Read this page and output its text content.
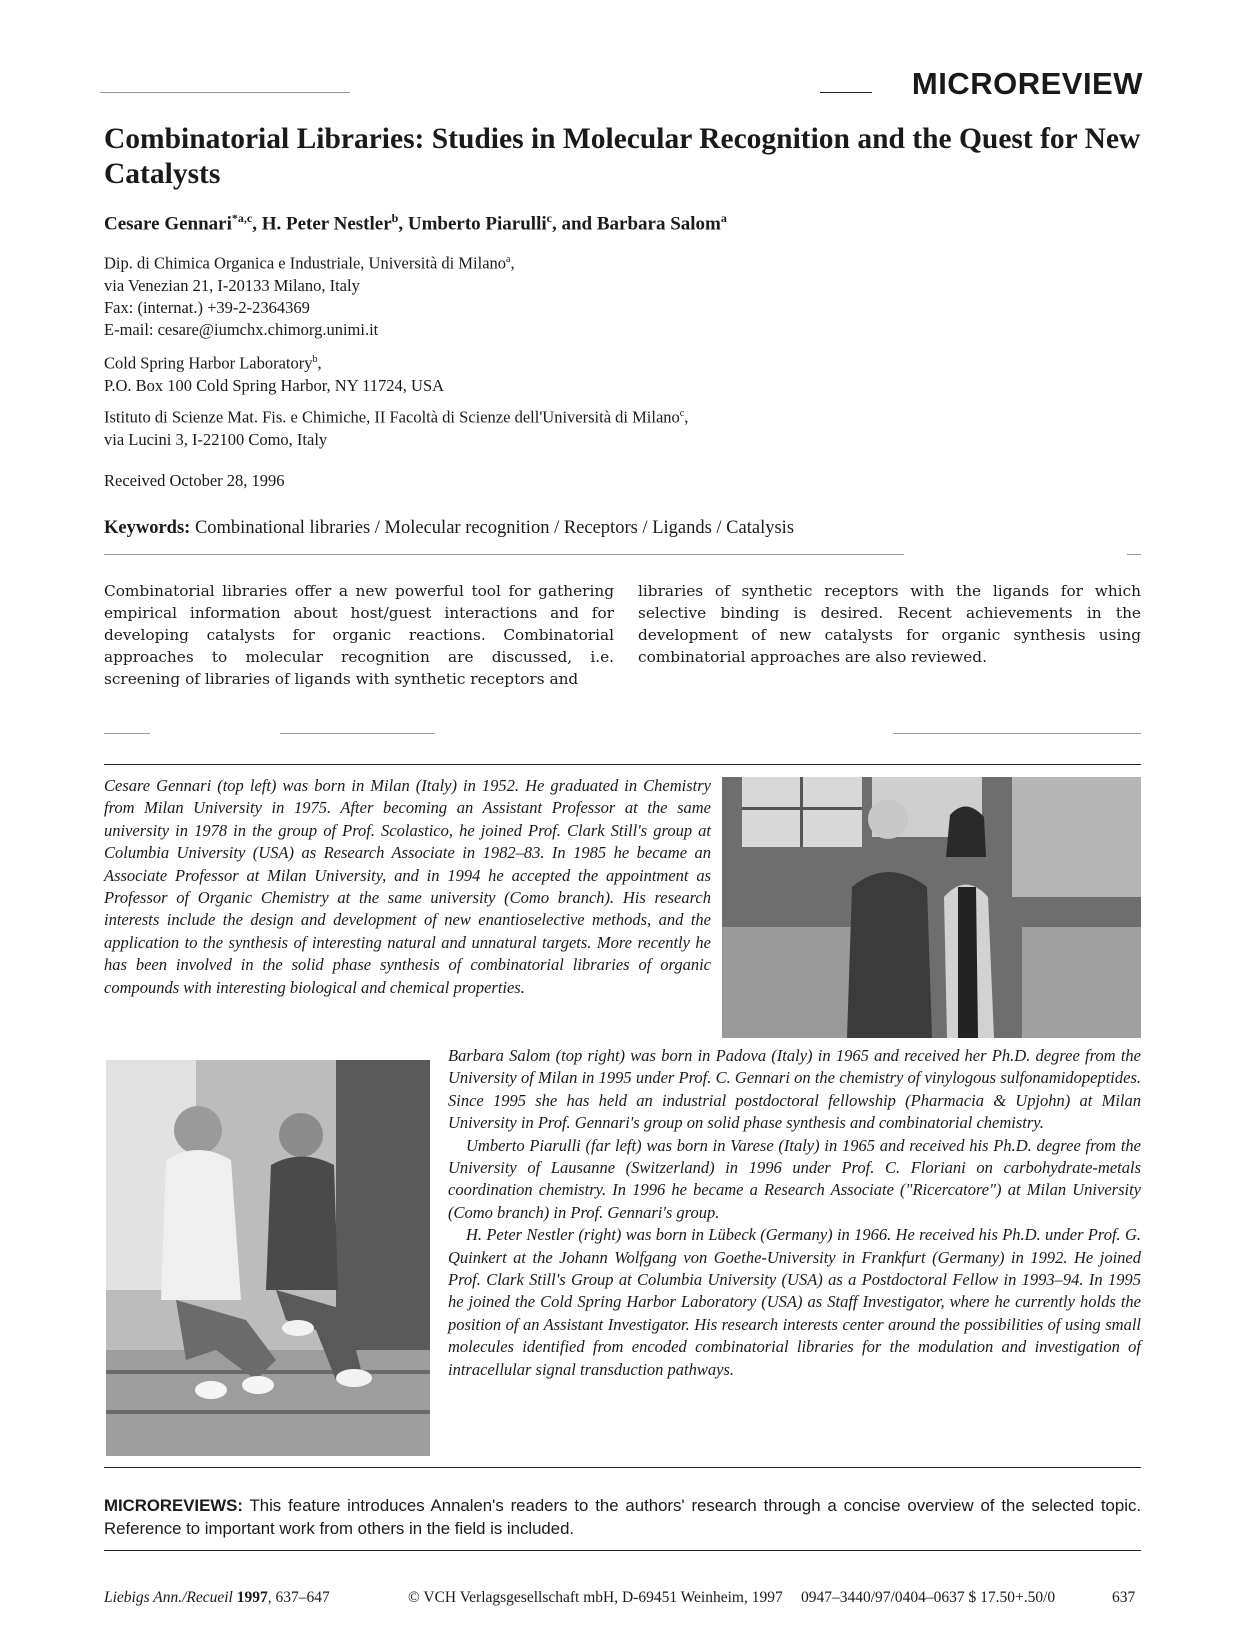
MICROREVIEW
Combinatorial Libraries: Studies in Molecular Recognition and the Quest for New Catalysts
Cesare Gennari$^{*a,c}$, H. Peter Nestler$^b$, Umberto Piarulli$^c$, and Barbara Salom$^a$
Dip. di Chimica Organica e Industriale, Università di Milano$^a$,
via Venezian 21, I-20133 Milano, Italy
Fax: (internat.) +39-2-2364369
E-mail: cesare@iumchx.chimorg.unimi.it
Cold Spring Harbor Laboratory$^b$,
P.O. Box 100 Cold Spring Harbor, NY 11724, USA
Istituto di Scienze Mat. Fis. e Chimiche, II Facoltà di Scienze dell'Università di Milano$^c$,
via Lucini 3, I-22100 Como, Italy
Received October 28, 1996
Keywords: Combinational libraries / Molecular recognition / Receptors / Ligands / Catalysis
Combinatorial libraries offer a new powerful tool for gathering empirical information about host/guest interactions and for developing catalysts for organic reactions. Combinatorial approaches to molecular recognition are discussed, i.e. screening of libraries of ligands with synthetic receptors and
libraries of synthetic receptors with the ligands for which selective binding is desired. Recent achievements in the development of new catalysts for organic synthesis using combinatorial approaches are also reviewed.

Cesare Gennari (top left) was born in Milan (Italy) in 1952. He graduated in Chemistry from Milan University in 1975. After becoming an Assistant Professor at the same university in 1978 in the group of Prof. Scolastico, he joined Prof. Clark Still's group at Columbia University (USA) as Research Associate in 1982–83. In 1985 he became an Associate Professor at Milan University, and in 1994 he accepted the appointment as Professor of Organic Chemistry at the same university (Como branch). His research interests include the design and development of new enantioselective methods, and the application to the synthesis of interesting natural and unnatural targets. More recently he has been involved in the solid phase synthesis of combinatorial libraries of organic compounds with interesting biological and chemical properties.

Barbara Salom (top right) was born in Padova (Italy) in 1965 and received her Ph.D. degree from the University of Milan in 1995 under Prof. C. Gennari on the chemistry of vinylogous sulfonamidopeptides. Since 1995 she has held an industrial postdoctoral fellowship (Pharmacia & Upjohn) at Milan University in Prof. Gennari's group on solid phase synthesis and combinatorial chemistry.

Umberto Piarulli (far left) was born in Varese (Italy) in 1965 and received his Ph.D. degree from the University of Lausanne (Switzerland) in 1996 under Prof. C. Floriani on carbohydrate-metals coordination chemistry. In 1996 he became a Research Associate ("Ricercatore") at Milan University (Como branch) in Prof. Gennari's group.

H. Peter Nestler (right) was born in Lübeck (Germany) in 1966. He received his Ph.D. under Prof. G. Quinkert at the Johann Wolfgang von Goethe-University in Frankfurt (Germany) in 1992. He joined Prof. Clark Still's Group at Columbia University (USA) as a Postdoctoral Fellow in 1993–94. In 1995 he joined the Cold Spring Harbor Laboratory (USA) as Staff Investigator, where he currently holds the position of an Assistant Investigator. His research interests center around the possibilities of using small molecules identified from encoded combinatorial libraries for the modulation and investigation of intracellular signal transduction pathways.

MICROREVIEWS: This feature introduces Annalen's readers to the authors' research through a concise overview of the selected topic. Reference to important work from others in the field is included.
Liebigs Ann./Recueil 1997, 637–647	© VCH Verlagsgesellschaft mbH, D-69451 Weinheim, 1997 0947–3440/97/0404–0637 $ 17.50+.50/0	637
